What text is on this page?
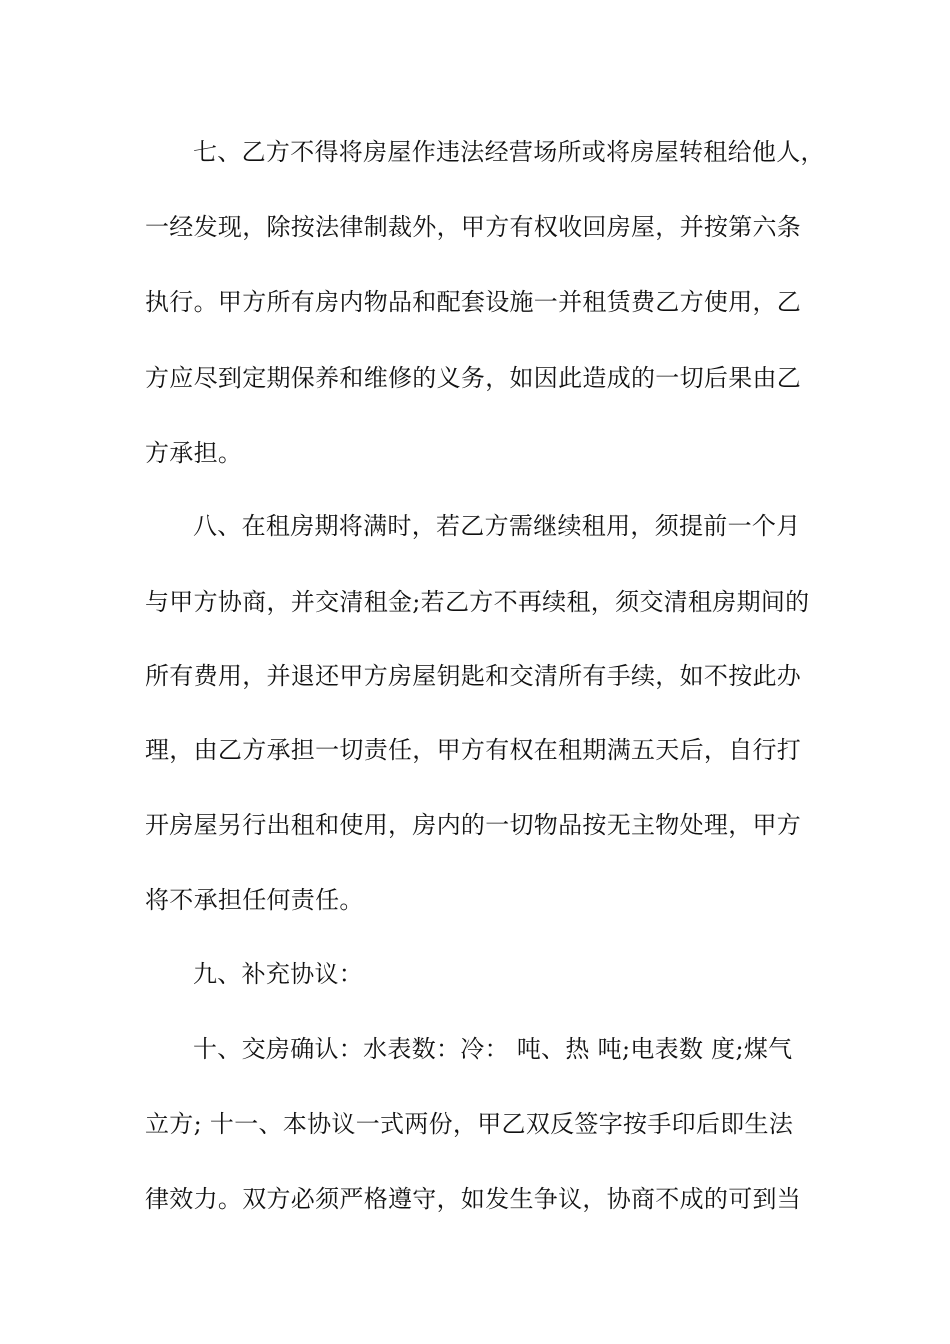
七、乙方不得将房屋作违法经营场所或将房屋转租给他人，
一经发现，除按法律制裁外，甲方有权收回房屋，并按第六条
执行。甲方所有房内物品和配套设施一并租赁费乙方使用，乙
方应尽到定期保养和维修的义务，如因此造成的一切后果由乙
方承担。
八、在租房期将满时，若乙方需继续租用，须提前一个月
与甲方协商，并交清租金;若乙方不再续租，须交清租房期间的
所有费用，并退还甲方房屋钥匙和交清所有手续，如不按此办
理，由乙方承担一切责任，甲方有权在租期满五天后，自行打
开房屋另行出租和使用，房内的一切物品按无主物处理，甲方
将不承担任何责任。
九、补充协议：
十、交房确认：水表数：冷： 吨、热 吨;电表数 度;煤气
立方; 十一、本协议一式两份，甲乙双反签字按手印后即生法
律效力。双方必须严格遵守，如发生争议，协商不成的可到当
